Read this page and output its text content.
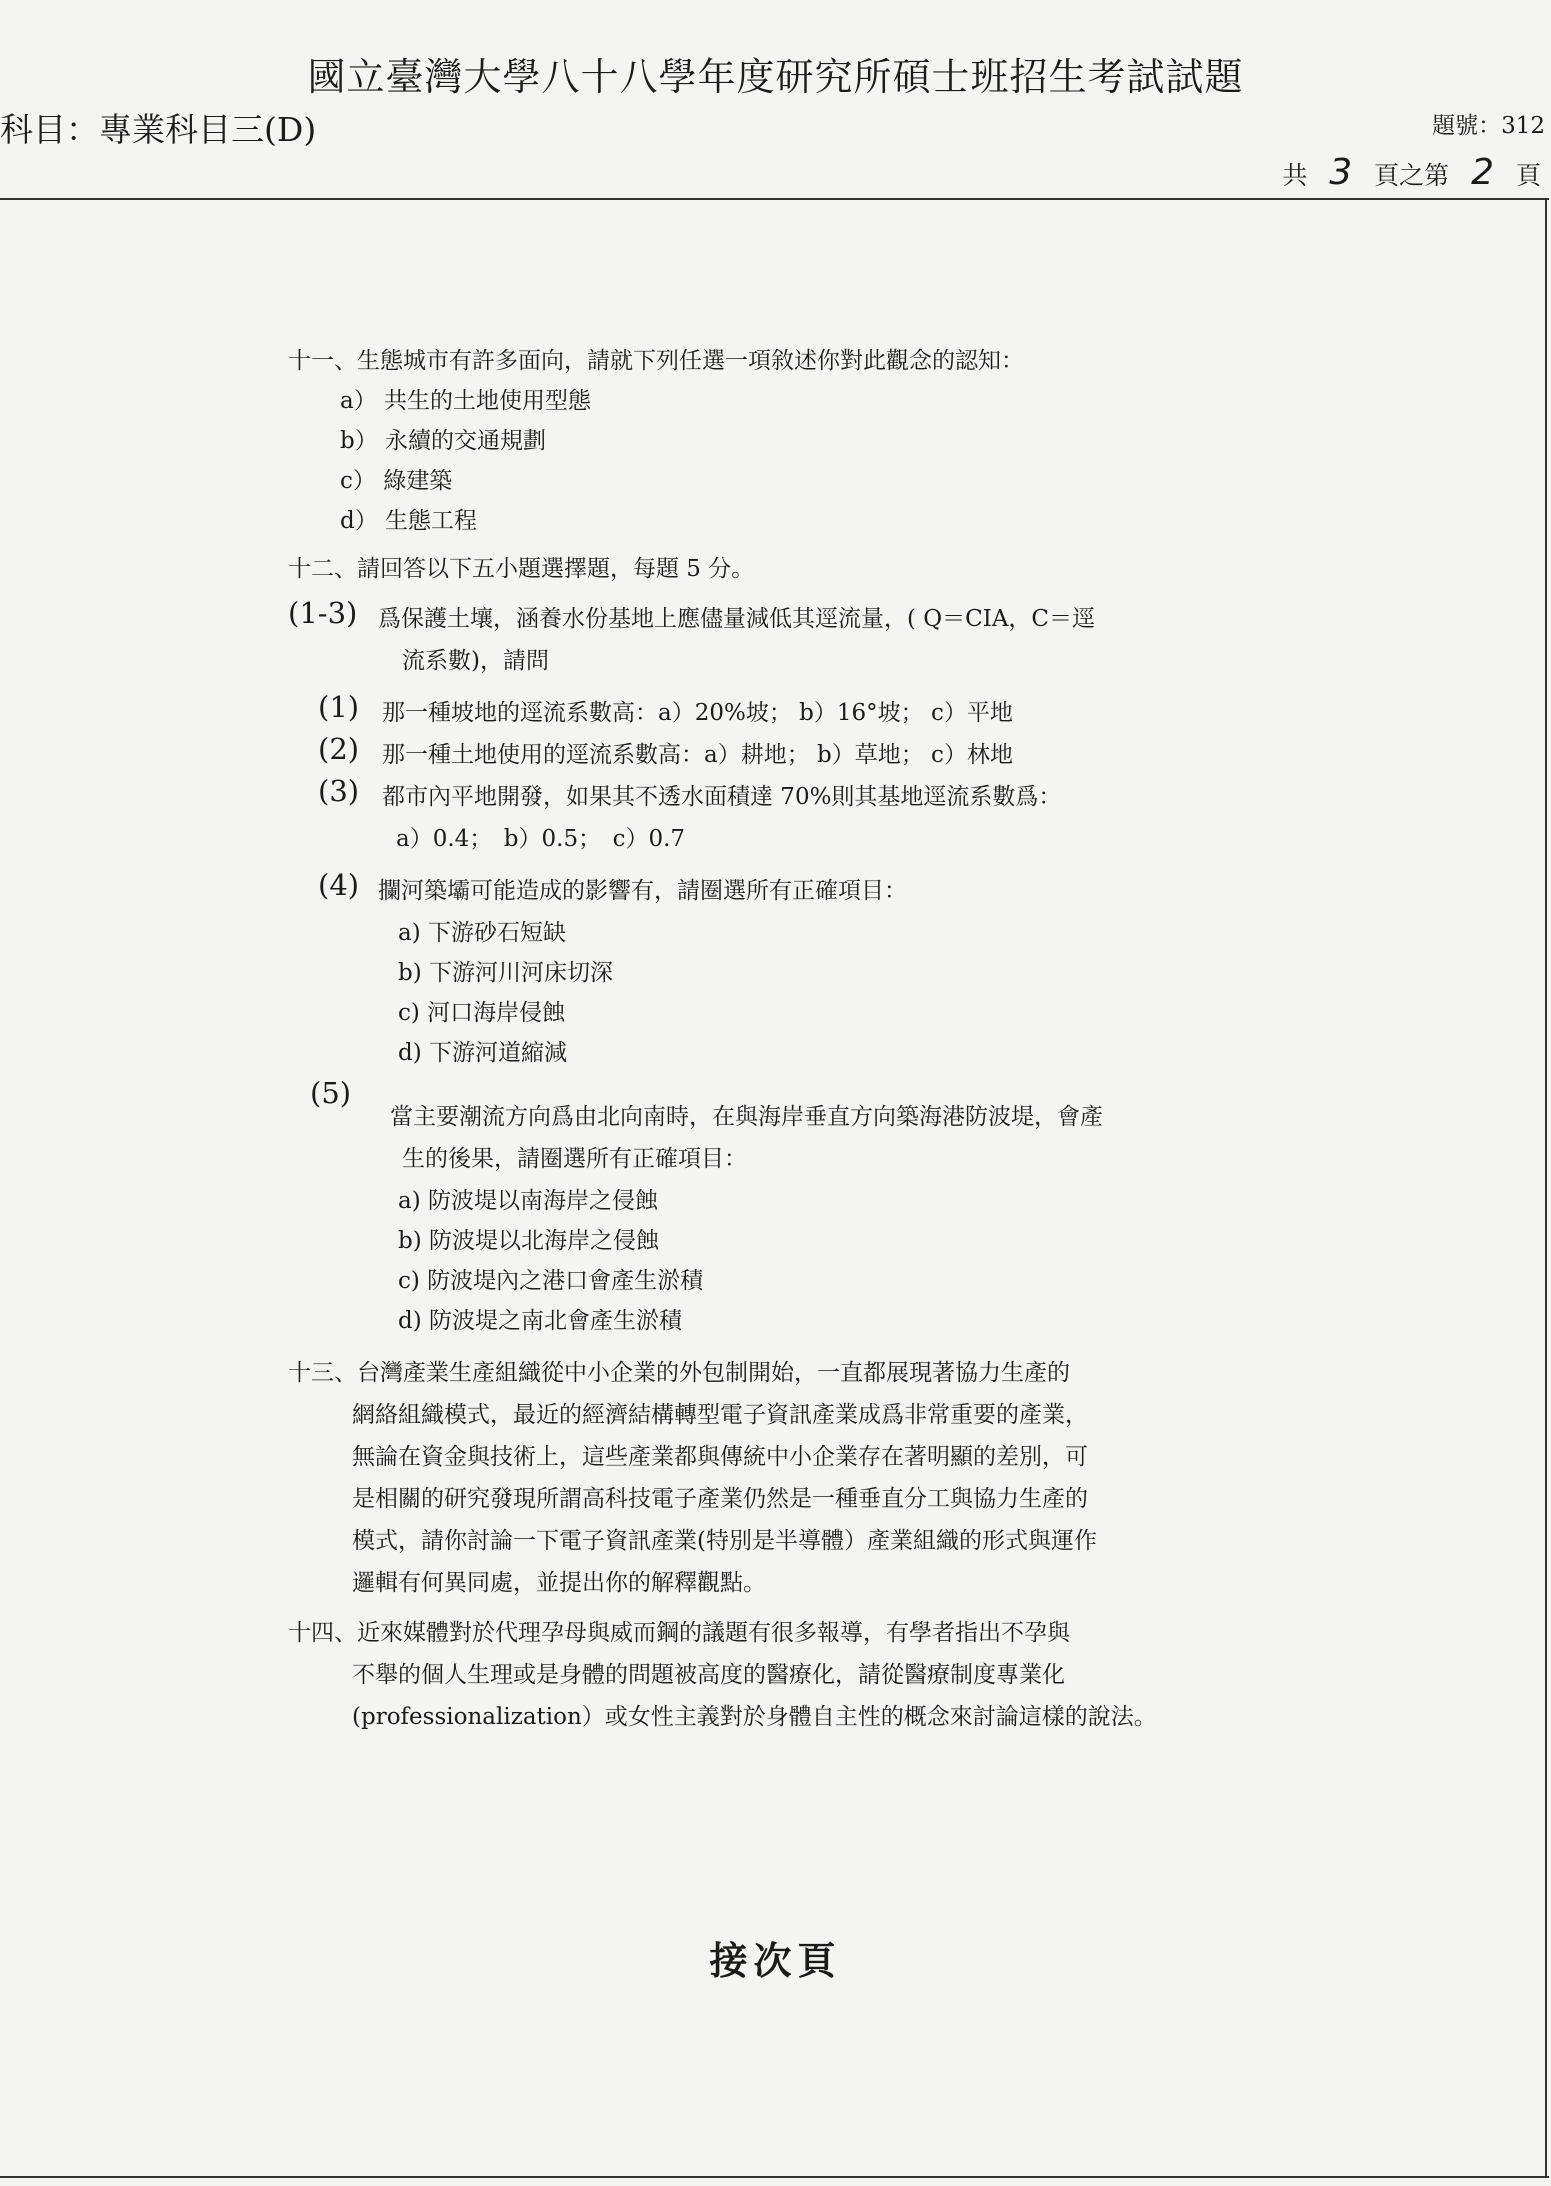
國立臺灣大學八十八學年度研究所碩士班招生考試試題
科目：專業科目三(D)	題號：312
共 3 頁之第 2 頁
十一、生態城市有許多面向，請就下列任選一項敘述你對此觀念的認知：
a） 共生的土地使用型態
b） 永續的交通規劃
c） 綠建築
d） 生態工程
十二、請回答以下五小題選擇題，每題 5 分。
(1-3) 爲保護土壤，涵養水份基地上應儘量減低其逕流量，( Q＝CIA，C＝逕
流系數)，請問
(1) 那一種坡地的逕流系數高：a）20%坡； b）16°坡； c）平地
(2) 那一種土地使用的逕流系數高：a）耕地； b）草地； c）林地
(3) 都市內平地開發，如果其不透水面積達 70%則其基地逕流系數爲：
a）0.4；　b）0.5；　c）0.7
(4) 攔河築壩可能造成的影響有，請圈選所有正確項目：
a) 下游砂石短缺
b) 下游河川河床切深
c) 河口海岸侵蝕
d) 下游河道縮減
(5)
當主要潮流方向爲由北向南時，在與海岸垂直方向築海港防波堤，會產
生的後果，請圈選所有正確項目：
a) 防波堤以南海岸之侵蝕
b) 防波堤以北海岸之侵蝕
c) 防波堤內之港口會產生淤積
d) 防波堤之南北會產生淤積
十三、台灣產業生產組織從中小企業的外包制開始，一直都展現著協力生產的
網絡組織模式，最近的經濟結構轉型電子資訊產業成爲非常重要的產業，
無論在資金與技術上，這些產業都與傳統中小企業存在著明顯的差別，可
是相關的研究發現所謂高科技電子產業仍然是一種垂直分工與協力生產的
模式，請你討論一下電子資訊產業(特別是半導體）產業組織的形式與運作
邏輯有何異同處，並提出你的解釋觀點。
十四、近來媒體對於代理孕母與威而鋼的議題有很多報導，有學者指出不孕與
不舉的個人生理或是身體的問題被高度的醫療化，請從醫療制度專業化
(professionalization）或女性主義對於身體自主性的概念來討論這樣的說法。
接次頁
